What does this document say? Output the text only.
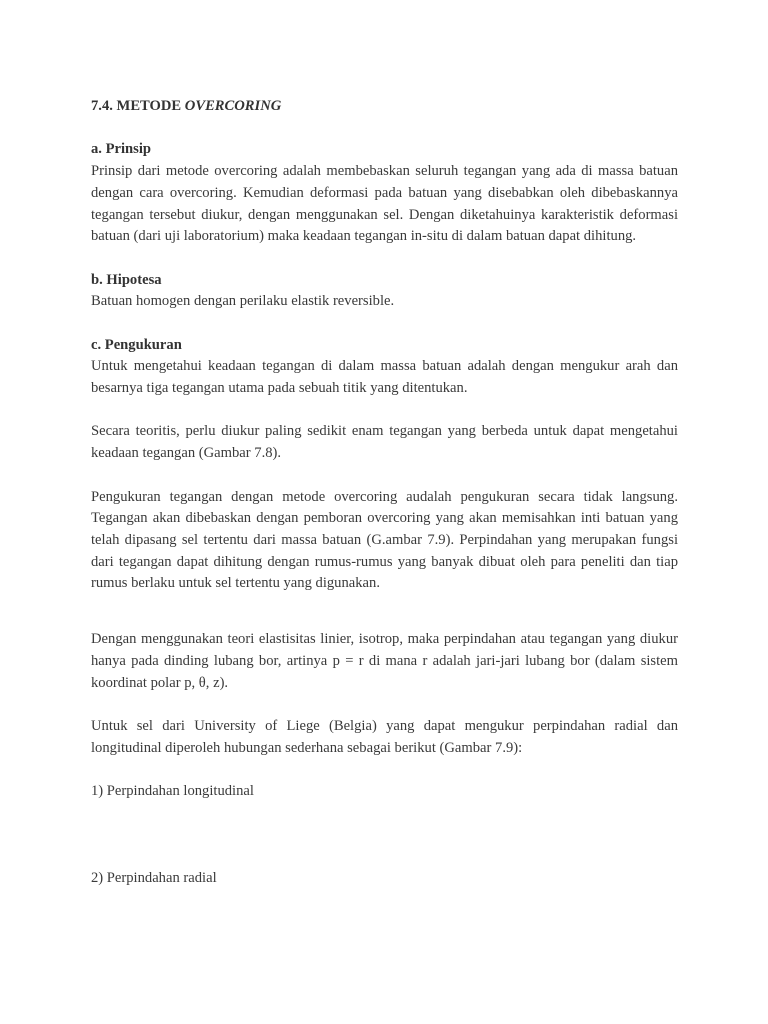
7.4. METODE OVERCORING

a. Prinsip

Prinsip dari metode overcoring adalah membebaskan seluruh tegangan yang ada di massa batuan dengan cara overcoring. Kemudian deformasi pada batuan yang disebabkan oleh dibebaskannya tegangan tersebut diukur, dengan menggunakan sel. Dengan diketahuinya karakteristik deformasi batuan (dari uji laboratorium) maka keadaan tegangan in-situ di dalam batuan dapat dihitung.

b. Hipotesa

Batuan homogen dengan perilaku elastik reversible.

c. Pengukuran

Untuk mengetahui keadaan tegangan di dalam massa batuan adalah dengan mengukur arah dan besarnya tiga tegangan utama pada sebuah titik yang ditentukan.

Secara teoritis, perlu diukur paling sedikit enam tegangan yang berbeda untuk dapat mengetahui keadaan tegangan (Gambar 7.8).

Pengukuran tegangan dengan metode overcoring audalah pengukuran secara tidak langsung. Tegangan akan dibebaskan dengan pemboran overcoring yang akan memisahkan inti batuan yang telah dipasang sel tertentu dari massa batuan (G.ambar 7.9). Perpindahan yang merupakan fungsi dari tegangan dapat dihitung dengan rumus-rumus yang banyak dibuat oleh para peneliti dan tiap rumus berlaku untuk sel tertentu yang digunakan.

Dengan menggunakan teori elastisitas linier, isotrop, maka perpindahan atau tegangan yang diukur hanya pada dinding lubang bor, artinya p = r di mana r adalah jari-jari lubang bor (dalam sistem koordinat polar p, θ, z).

Untuk sel dari University of Liege (Belgia) yang dapat mengukur perpindahan radial dan longitudinal diperoleh hubungan sederhana sebagai berikut (Gambar 7.9):

1) Perpindahan longitudinal

2) Perpindahan radial
